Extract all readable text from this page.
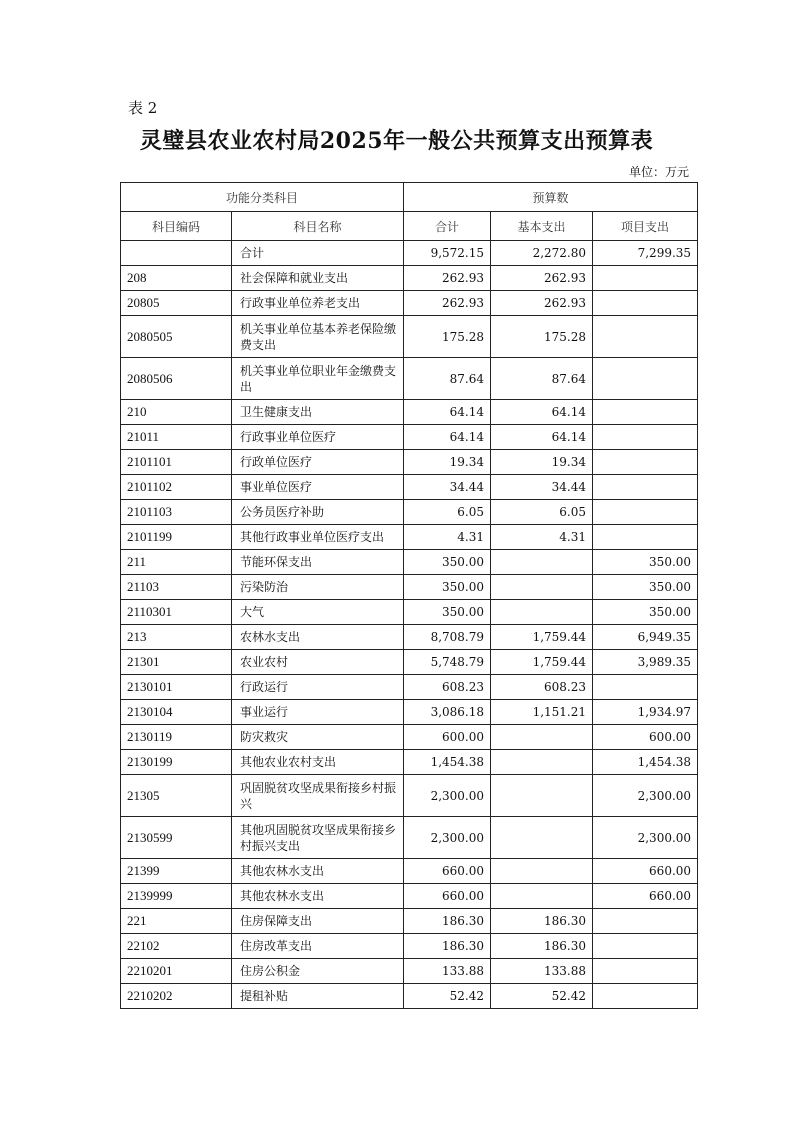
表 2
灵璧县农业农村局2025年一般公共预算支出预算表
单位：万元
功能分类科目		预算数		
科目编码	科目名称	合计	基本支出	项目支出
	合计	9,572.15	2,272.80	7,299.35
208	社会保障和就业支出	262.93	262.93	
20805	行政事业单位养老支出	262.93	262.93	
2080505	机关事业单位基本养老保险缴费支出	175.28	175.28	
2080506	机关事业单位职业年金缴费支出	87.64	87.64	
210	卫生健康支出	64.14	64.14	
21011	行政事业单位医疗	64.14	64.14	
2101101	行政单位医疗	19.34	19.34	
2101102	事业单位医疗	34.44	34.44	
2101103	公务员医疗补助	6.05	6.05	
2101199	其他行政事业单位医疗支出	4.31	4.31	
211	节能环保支出	350.00		350.00
21103	污染防治	350.00		350.00
2110301	大气	350.00		350.00
213	农林水支出	8,708.79	1,759.44	6,949.35
21301	农业农村	5,748.79	1,759.44	3,989.35
2130101	行政运行	608.23	608.23	
2130104	事业运行	3,086.18	1,151.21	1,934.97
2130119	防灾救灾	600.00		600.00
2130199	其他农业农村支出	1,454.38		1,454.38
21305	巩固脱贫攻坚成果衔接乡村振兴	2,300.00		2,300.00
2130599	其他巩固脱贫攻坚成果衔接乡村振兴支出	2,300.00		2,300.00
21399	其他农林水支出	660.00		660.00
2139999	其他农林水支出	660.00		660.00
221	住房保障支出	186.30	186.30	
22102	住房改革支出	186.30	186.30	
2210201	住房公积金	133.88	133.88	
2210202	提租补贴	52.42	52.42	
